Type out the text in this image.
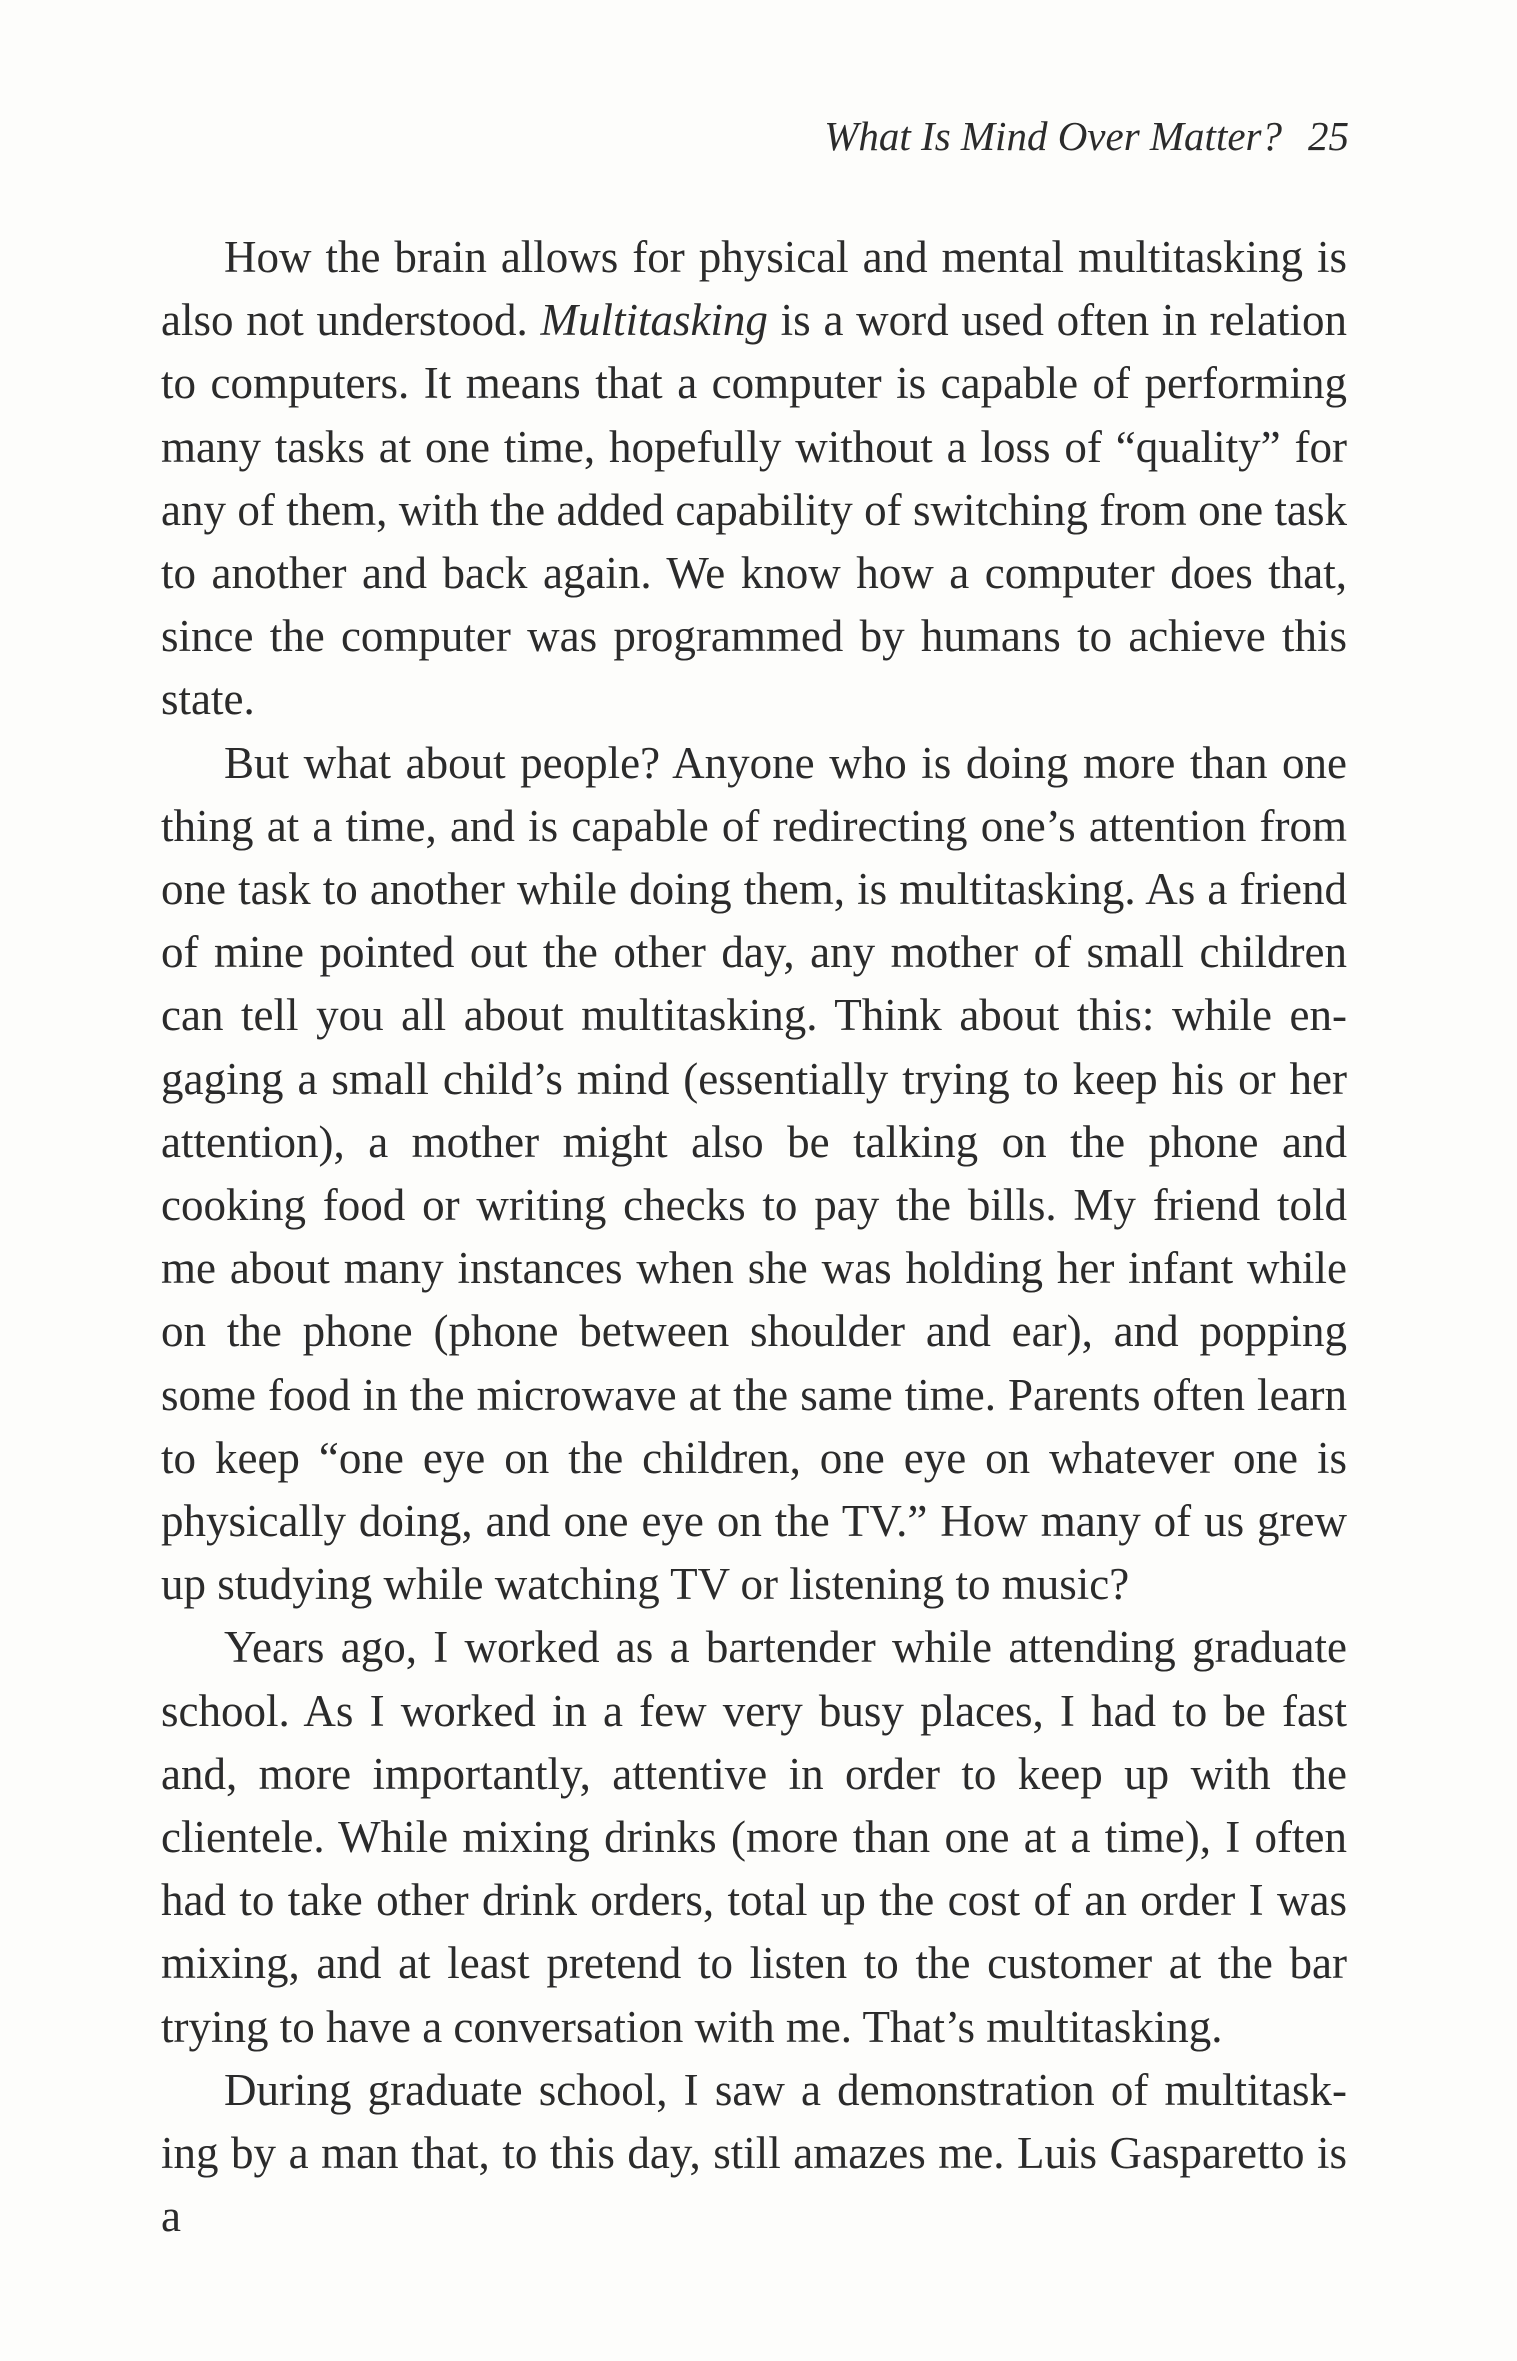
What Is Mind Over Matter? 25

How the brain allows for physical and mental multitasking is also not understood. Multitasking is a word used often in relation to computers. It means that a computer is capable of performing many tasks at one time, hopefully without a loss of “quality” for any of them, with the added capability of switching from one task to another and back again. We know how a computer does that, since the computer was programmed by humans to achieve this state.

But what about people? Anyone who is doing more than one thing at a time, and is capable of redirecting one’s attention from one task to another while doing them, is multitasking. As a friend of mine pointed out the other day, any mother of small children can tell you all about multitasking. Think about this: while engaging a small child’s mind (essentially trying to keep his or her attention), a mother might also be talking on the phone and cooking food or writing checks to pay the bills. My friend told me about many instances when she was holding her infant while on the phone (phone between shoulder and ear), and popping some food in the microwave at the same time. Parents often learn to keep “one eye on the children, one eye on whatever one is physically doing, and one eye on the TV.” How many of us grew up studying while watching TV or listening to music?

Years ago, I worked as a bartender while attending graduate school. As I worked in a few very busy places, I had to be fast and, more importantly, attentive in order to keep up with the clientele. While mixing drinks (more than one at a time), I often had to take other drink orders, total up the cost of an order I was mixing, and at least pretend to listen to the customer at the bar trying to have a conversation with me. That’s multitasking.

During graduate school, I saw a demonstration of multitasking by a man that, to this day, still amazes me. Luis Gasparetto is a
